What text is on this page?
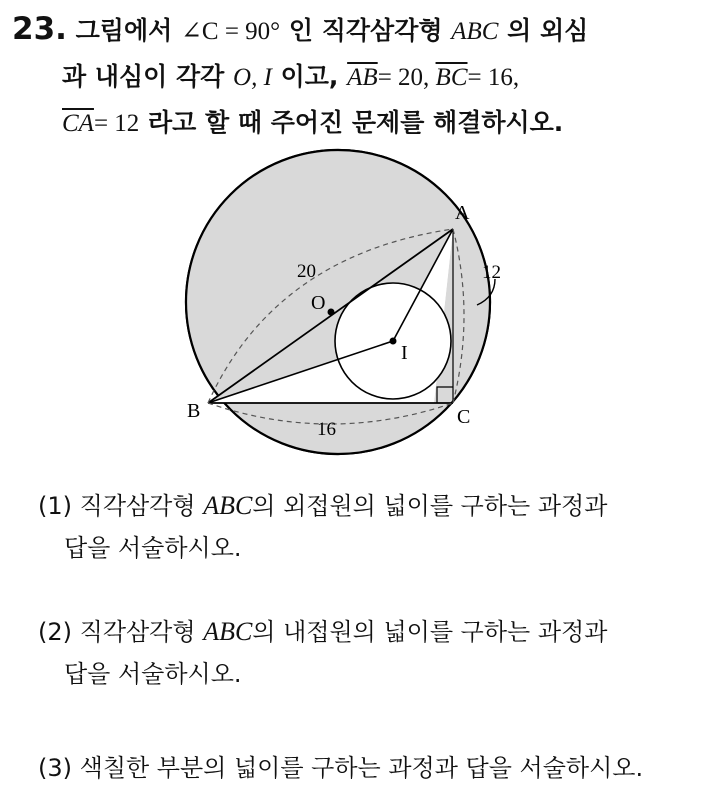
23. 그림에서 ∠C = 90° 인 직각삼각형 ABC 의 외심
과 내심이 각각 O, I 이고, $\overline{AB}= 20$, $\overline{BC}= 16$,
$\overline{CA}= 12$ 라고 할 때 주어진 문제를 해결하시오.
A
B	C
O
I
20
16
12
(1) 직각삼각형 ABC의 외접원의 넓이를 구하는 과정과
답을 서술하시오.
(2) 직각삼각형 ABC의 내접원의 넓이를 구하는 과정과
답을 서술하시오.
(3) 색칠한 부분의 넓이를 구하는 과정과 답을 서술하시오.
